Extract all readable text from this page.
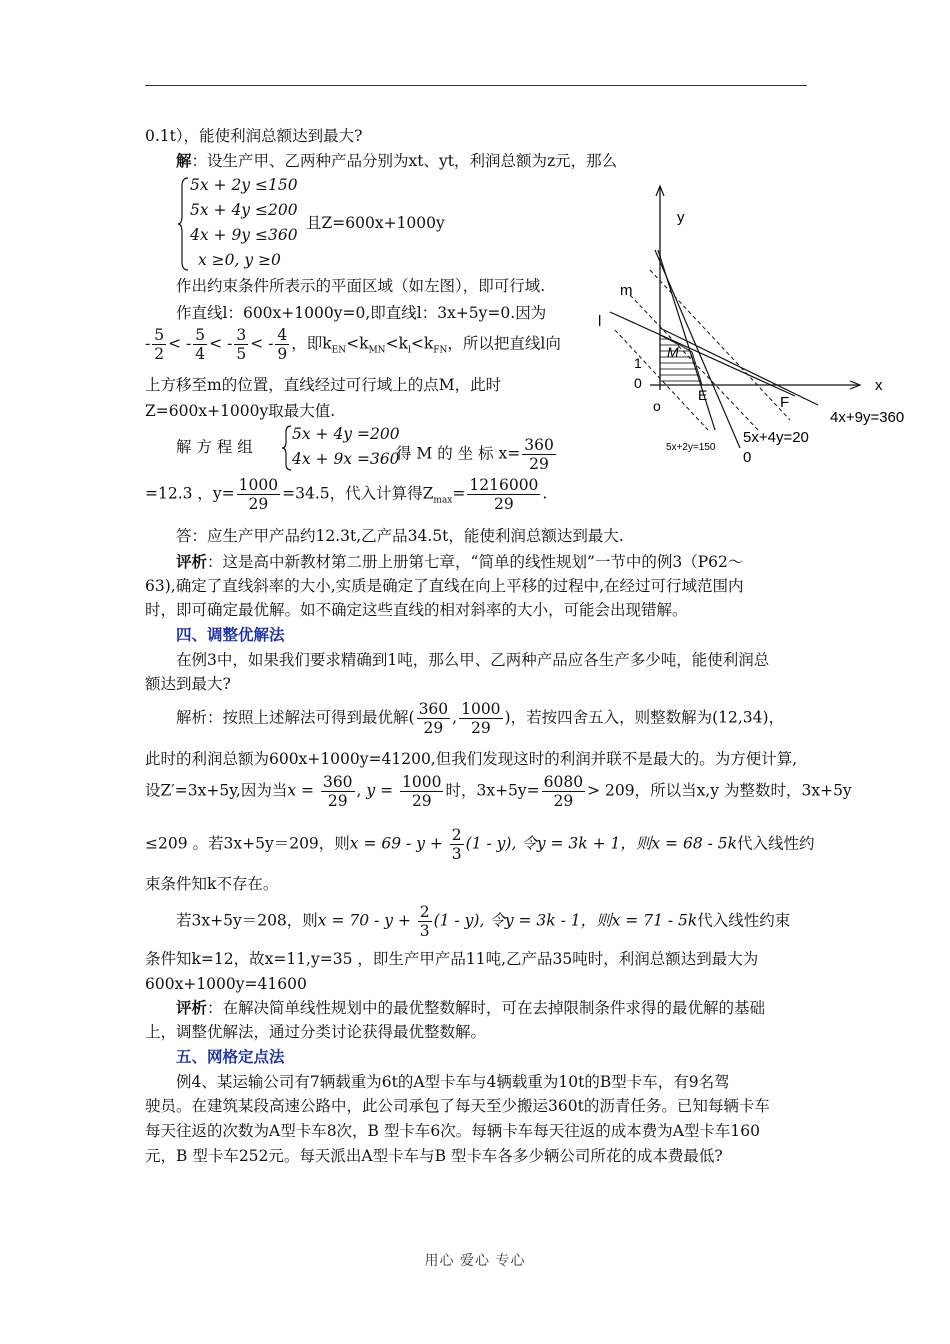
0.1t），能使利润总额达到最大?
解：设生产甲、乙两种产品分别为xt、yt，利润总额为z元，那么
5x + 2y ≤150
5x + 4y ≤200
4x + 9y ≤360
x ≥0, y ≥0
且Z=600x+1000y
作出约束条件所表示的平面区域（如左图），即可行域.
作直线l：600x+1000y=0,即直线l：3x+5y=0.因为
- $\frac{5}{2}$ < - $\frac{5}{4}$ < - $\frac{3}{5}$ < - $\frac{4}{9}$ ，即$k_{EN}<k_{MN}<k_l<k_{FN}$，所以把直线l向
上方移至m的位置，直线经过可行域上的点M，此时
Z=600x+1000y取最大值.
解 方 程 组
5x + 4y =200
4x + 9x =360
得 M 的 坐 标 $x= \frac{360}{29}$
=12.3 ，$y= \frac{1000}{29} =34.5$，代入计算得$Z_{max}= \frac{1216000}{29}$ .
答：应生产甲产品约12.3t,乙产品34.5t，能使利润总额达到最大.
评析：这是高中新教材第二册上册第七章，“简单的线性规划”一节中的例3（P62～
63),确定了直线斜率的大小,实质是确定了直线在向上平移的过程中,在经过可行域范围内
时，即可确定最优解。如不确定这些直线的相对斜率的大小，可能会出现错解。
四、调整优解法
在例3中，如果我们要求精确到1吨，那么甲、乙两种产品应各生产多少吨，能使利润总
额达到最大?
解析：按照上述解法可得到最优解( $\frac{360}{29}$ , $\frac{1000}{29}$ )，若按四舍五入，则整数解为(12,34)，
此时的利润总额为600x+1000y=41200,但我们发现这时的利润并联不是最大的。为方便计算,
设Z′=3x+5y,因为当$x = \frac{360}{29}$ , $y = \frac{1000}{29}$ 时，$3x+5y= \frac{6080}{29} > 209$，所以当x,y 为整数时，3x+5y
≤209 。若3x+5y＝209，则$x = 69 - y + \frac{2}{3} (1 - y)$, 令y = 3k + 1，则x = 68 - 5k代入线性约
束条件知k不存在。
若3x+5y＝208，则$x = 70 - y + \frac{2}{3} (1 - y)$, 令y = 3k - 1，则x = 71 - 5k代入线性约束
条件知k=12，故x=11,y=35 ，即生产甲产品11吨,乙产品35吨时，利润总额达到最大为
600x+1000y=41600
评析：在解决简单线性规划中的最优整数解时，可在去掉限制条件求得的最优解的基础
上，调整优解法，通过分类讨论获得最优整数解。
五、网格定点法
例4、某运输公司有7辆载重为6t的A型卡车与4辆载重为10t的B型卡车，有9名驾
驶员。在建筑某段高速公路中，此公司承包了每天至少搬运360t的沥青任务。已知每辆卡车
每天往返的次数为A型卡车8次，B 型卡车6次。每辆卡车每天往返的成本费为A型卡车160
元，B 型卡车252元。每天派出A型卡车与B 型卡车各多少辆公司所花的成本费最低?
y
x
o
m
l
M
E	F
1
0
4x+9y=360
5x+4y=20
0
5x+2y=150
用心 爱心 专心
